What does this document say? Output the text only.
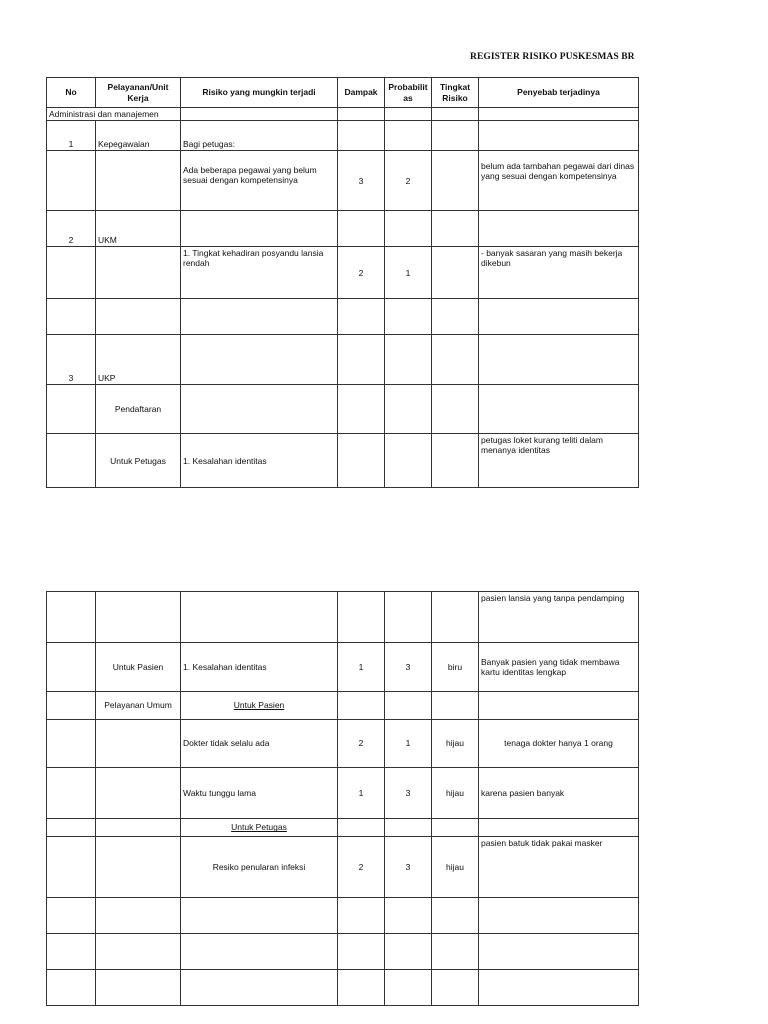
REGISTER RISIKO PUSKESMAS BR
No	Pelayanan/Unit Kerja	Risiko yang mungkin terjadi	Dampak	Probabilitas	Tingkat Risiko	Penyebab terjadinya
Administrasi dan manajemen						
1	Kepegawaian	Bagi petugas:				
		Ada beberapa pegawai yang belum sesuai dengan kompetensinya	3	2		belum ada tambahan pegawai dari dinas yang sesuai dengan kompetensinya
2	UKM					
		1. Tingkat kehadiran posyandu lansia rendah	2	1		- banyak sasaran yang masih bekerja dikebun

3	UKP					
	Pendaftaran					
	Untuk Petugas	1. Kesalahan identitas				petugas loket kurang teliti dalam menanya identitas
						pasien lansia yang tanpa pendamping
	Untuk Pasien	1. Kesalahan identitas	1	3	biru	Banyak pasien yang tidak membawa kartu identitas lengkap
	Pelayanan Umum	Untuk Pasien				
		Dokter tidak selalu ada	2	1	hijau	tenaga dokter hanya 1 orang
		Waktu tunggu lama	1	3	hijau	karena pasien banyak
		Untuk Petugas				
		Resiko penularan infeksi	2	3	hijau	pasien batuk tidak pakai masker
